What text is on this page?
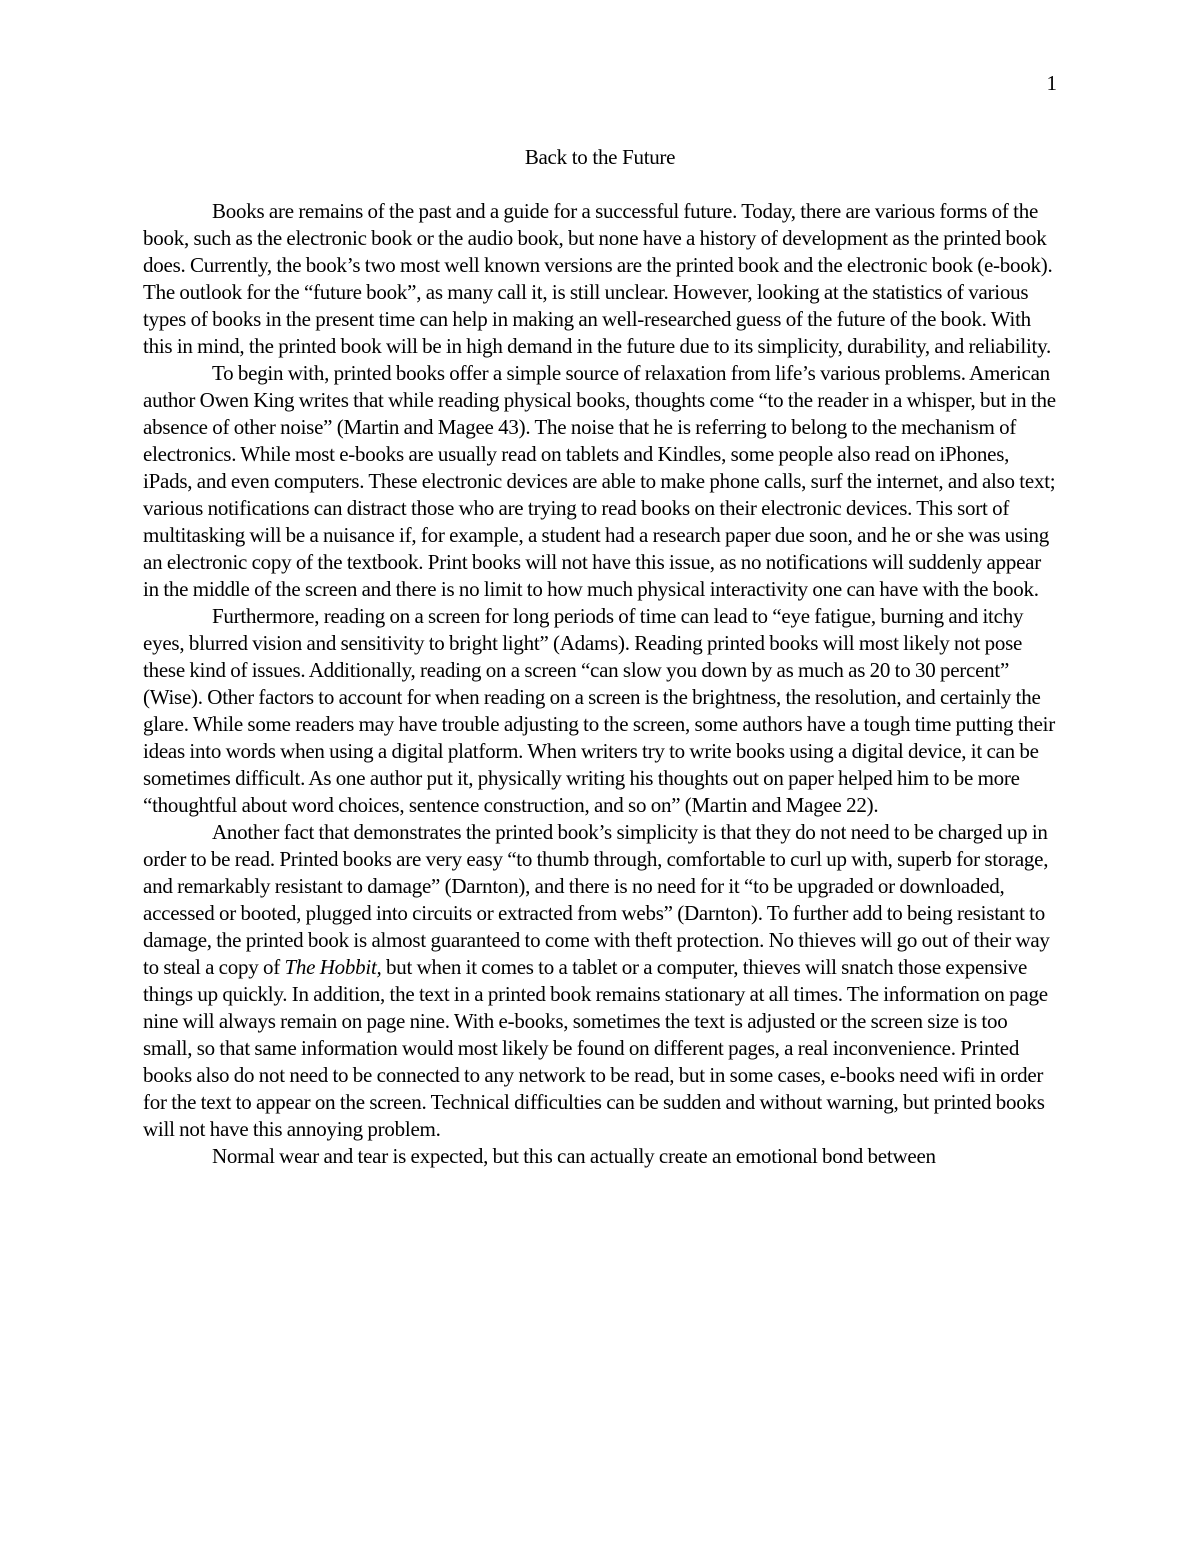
1
Back to the Future

Books are remains of the past and a guide for a successful future. Today, there are various forms of the book, such as the electronic book or the audio book, but none have a history of development as the printed book does. Currently, the book’s two most well known versions are the printed book and the electronic book (e-book). The outlook for the “future book”, as many call it, is still unclear. However, looking at the statistics of various types of books in the present time can help in making an well-researched guess of the future of the book. With this in mind, the printed book will be in high demand in the future due to its simplicity, durability, and reliability.

To begin with, printed books offer a simple source of relaxation from life’s various problems. American author Owen King writes that while reading physical books, thoughts come “to the reader in a whisper, but in the absence of other noise” (Martin and Magee 43). The noise that he is referring to belong to the mechanism of electronics. While most e-books are usually read on tablets and Kindles, some people also read on iPhones, iPads, and even computers. These electronic devices are able to make phone calls, surf the internet, and also text; various notifications can distract those who are trying to read books on their electronic devices. This sort of multitasking will be a nuisance if, for example, a student had a research paper due soon, and he or she was using an electronic copy of the textbook. Print books will not have this issue, as no notifications will suddenly appear in the middle of the screen and there is no limit to how much physical interactivity one can have with the book.

Furthermore, reading on a screen for long periods of time can lead to “eye fatigue, burning and itchy eyes, blurred vision and sensitivity to bright light” (Adams). Reading printed books will most likely not pose these kind of issues. Additionally, reading on a screen “can slow you down by as much as 20 to 30 percent” (Wise). Other factors to account for when reading on a screen is the brightness, the resolution, and certainly the glare. While some readers may have trouble adjusting to the screen, some authors have a tough time putting their ideas into words when using a digital platform. When writers try to write books using a digital device, it can be sometimes difficult. As one author put it, physically writing his thoughts out on paper helped him to be more “thoughtful about word choices, sentence construction, and so on” (Martin and Magee 22).

Another fact that demonstrates the printed book’s simplicity is that they do not need to be charged up in order to be read. Printed books are very easy “to thumb through, comfortable to curl up with, superb for storage, and remarkably resistant to damage” (Darnton), and there is no need for it “to be upgraded or downloaded, accessed or booted, plugged into circuits or extracted from webs” (Darnton). To further add to being resistant to damage, the printed book is almost guaranteed to come with theft protection. No thieves will go out of their way to steal a copy of The Hobbit, but when it comes to a tablet or a computer, thieves will snatch those expensive things up quickly. In addition, the text in a printed book remains stationary at all times. The information on page nine will always remain on page nine. With e-books, sometimes the text is adjusted or the screen size is too small, so that same information would most likely be found on different pages, a real inconvenience. Printed books also do not need to be connected to any network to be read, but in some cases, e-books need wifi in order for the text to appear on the screen. Technical difficulties can be sudden and without warning, but printed books will not have this annoying problem.

Normal wear and tear is expected, but this can actually create an emotional bond between
